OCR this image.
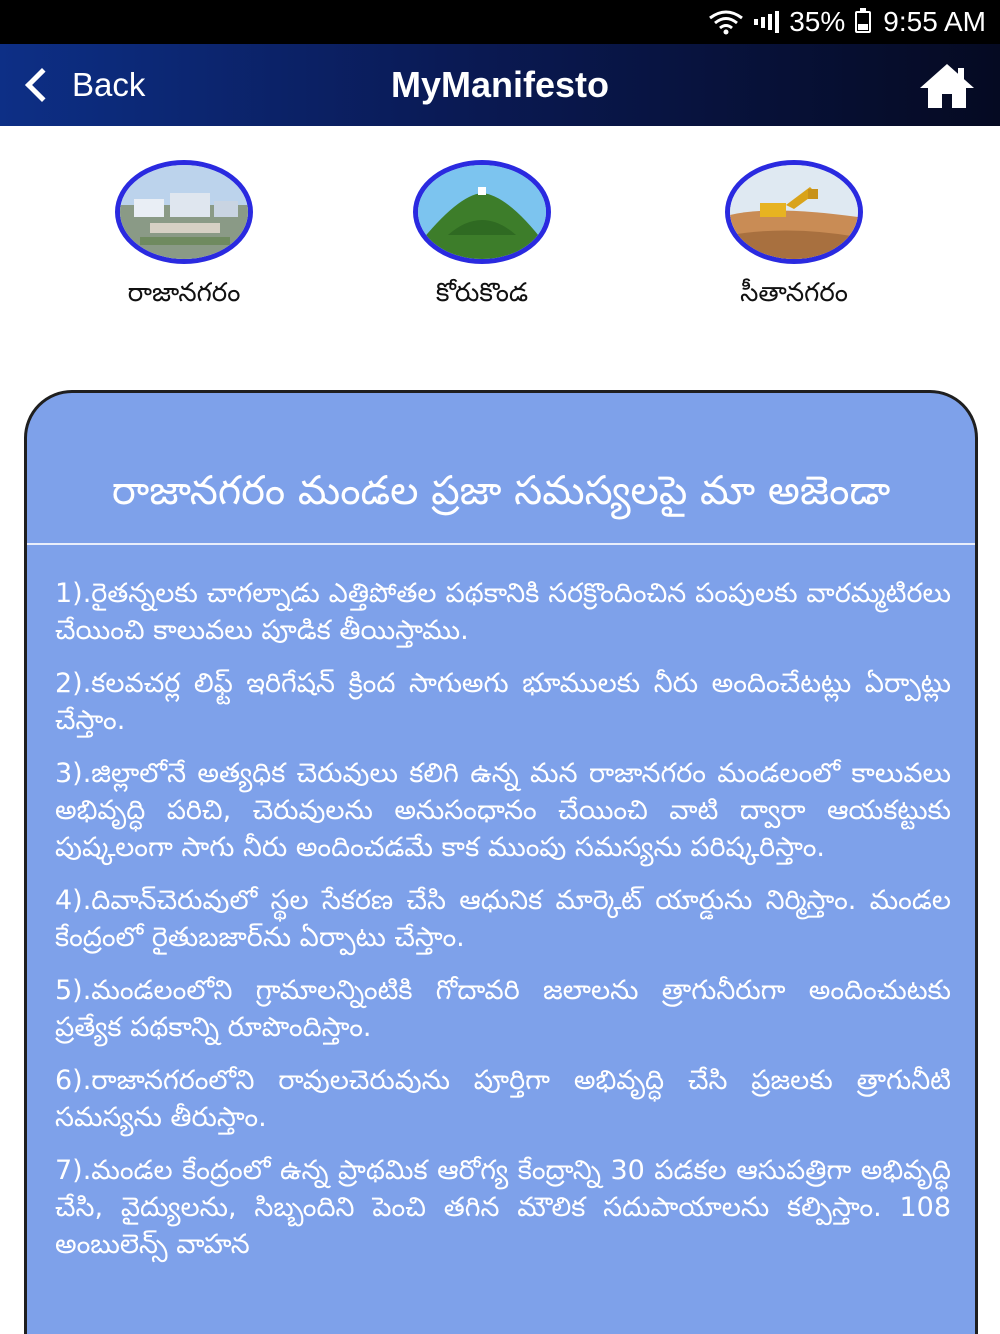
35% 9:55 AM
Back	MyManifesto
రాజానగరం	కోరుకొండ	సీతానగరం
రాజానగరం మండల ప్రజా సమస్యలపై మా అజెండా

1).రైతన్నలకు చాగల్నాడు ఎత్తిపోతల పథకానికి సరక్రొందించిన పంపులకు వారమ్మటిరలు చేయించి కాలువలు పూడిక తీయిస్తాము.

2).కలవచర్ల లిఫ్ట్ ఇరిగేషన్ క్రింద సాగుఅగు భూములకు నీరు అందించేటట్లు ఏర్పాట్లు చేస్తాం.

3).జిల్లాలోనే అత్యధిక చెరువులు కలిగి ఉన్న మన రాజానగరం మండలంలో కాలువలు అభివృద్ధి పరిచి, చెరువులను అనుసంధానం చేయించి వాటి ద్వారా ఆయకట్టుకు పుష్కలంగా సాగు నీరు అందించడమే కాక ముంపు సమస్యను పరిష్కరిస్తాం.

4).దివాన్‌చెరువులో స్థల సేకరణ చేసి ఆధునిక మార్కెట్ యార్డును నిర్మిస్తాం. మండల కేంద్రంలో రైతుబజార్‌ను ఏర్పాటు చేస్తాం.

5).మండలంలోని గ్రామాలన్నింటికి గోదావరి జలాలను త్రాగునీరుగా అందించుటకు ప్రత్యేక పథకాన్ని రూపొందిస్తాం.

6).రాజానగరంలోని రావులచెరువును పూర్తిగా అభివృద్ధి చేసి ప్రజలకు త్రాగునీటి సమస్యను తీరుస్తాం.

7).మండల కేంద్రంలో ఉన్న ప్రాథమిక ఆరోగ్య కేంద్రాన్ని 30 పడకల ఆసుపత్రిగా అభివృద్ధి చేసి, వైద్యులను, సిబ్బందిని పెంచి తగిన మౌలిక సదుపాయాలను కల్పిస్తాం. 108 అంబులెన్స్ వాహన
